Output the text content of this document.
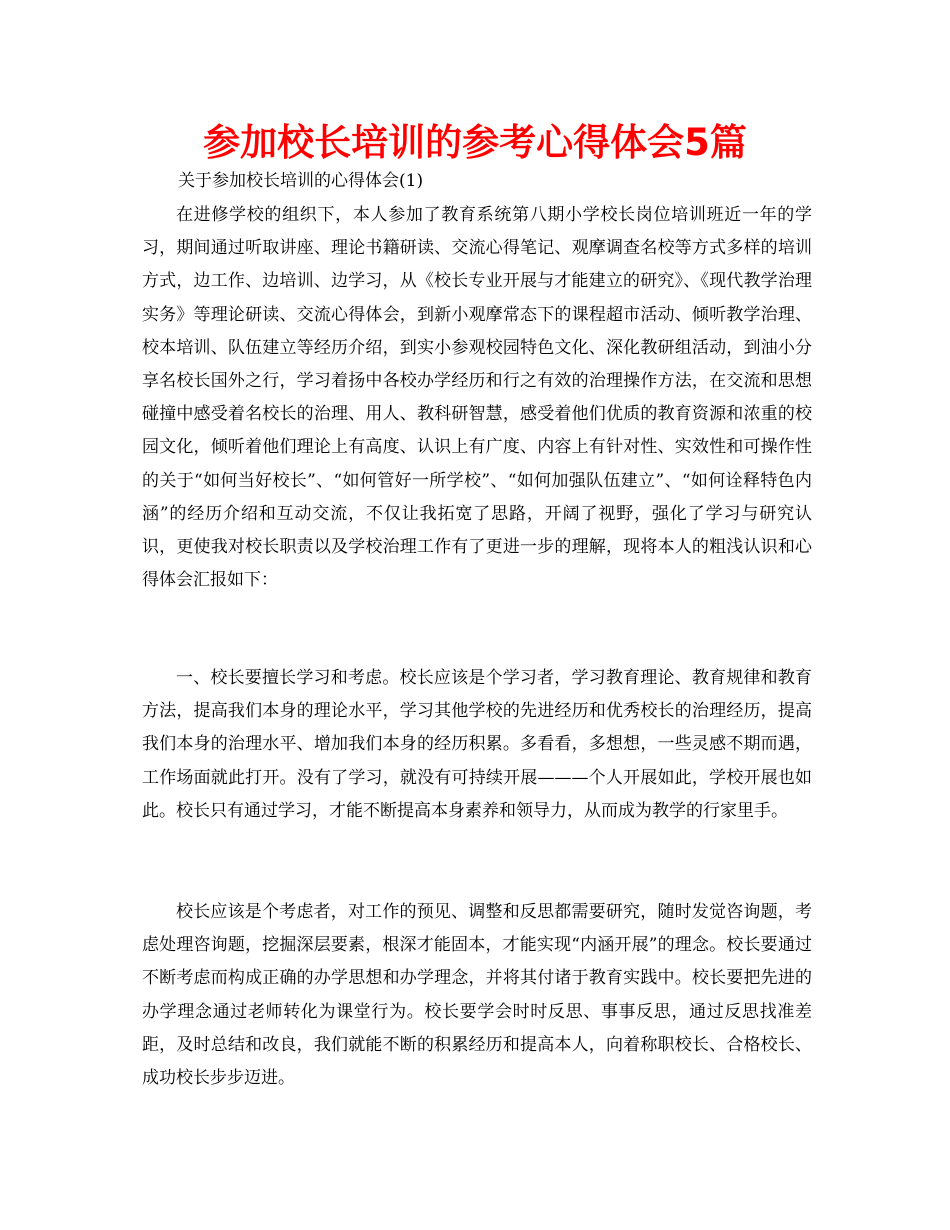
参加校长培训的参考心得体会5篇

关于参加校长培训的心得体会(1)

在进修学校的组织下，本人参加了教育系统第八期小学校长岗位培训班近一年的学习，期间通过听取讲座、理论书籍研读、交流心得笔记、观摩调查名校等方式多样的培训方式，边工作、边培训、边学习，从《校长专业开展与才能建立的研究》、《现代教学治理实务》等理论研读、交流心得体会，到新小观摩常态下的课程超市活动、倾听教学治理、校本培训、队伍建立等经历介绍，到实小参观校园特色文化、深化教研组活动，到油小分享名校长国外之行，学习着扬中各校办学经历和行之有效的治理操作方法，在交流和思想碰撞中感受着名校长的治理、用人、教科研智慧，感受着他们优质的教育资源和浓重的校园文化，倾听着他们理论上有高度、认识上有广度、内容上有针对性、实效性和可操作性的关于“如何当好校长”、“如何管好一所学校”、“如何加强队伍建立”、“如何诠释特色内涵”的经历介绍和互动交流，不仅让我拓宽了思路，开阔了视野，强化了学习与研究认识，更使我对校长职责以及学校治理工作有了更进一步的理解，现将本人的粗浅认识和心得体会汇报如下：

一、校长要擅长学习和考虑。校长应该是个学习者，学习教育理论、教育规律和教育方法，提高我们本身的理论水平，学习其他学校的先进经历和优秀校长的治理经历，提高我们本身的治理水平、增加我们本身的经历积累。多看看，多想想，一些灵感不期而遇，工作场面就此打开。没有了学习，就没有可持续开展———个人开展如此，学校开展也如此。校长只有通过学习，才能不断提高本身素养和领导力，从而成为教学的行家里手。

校长应该是个考虑者，对工作的预见、调整和反思都需要研究，随时发觉咨询题，考虑处理咨询题，挖掘深层要素，根深才能固本，才能实现“内涵开展”的理念。校长要通过不断考虑而构成正确的办学思想和办学理念，并将其付诸于教育实践中。校长要把先进的办学理念通过老师转化为课堂行为。校长要学会时时反思、事事反思，通过反思找准差距，及时总结和改良，我们就能不断的积累经历和提高本人，向着称职校长、合格校长、成功校长步步迈进。
